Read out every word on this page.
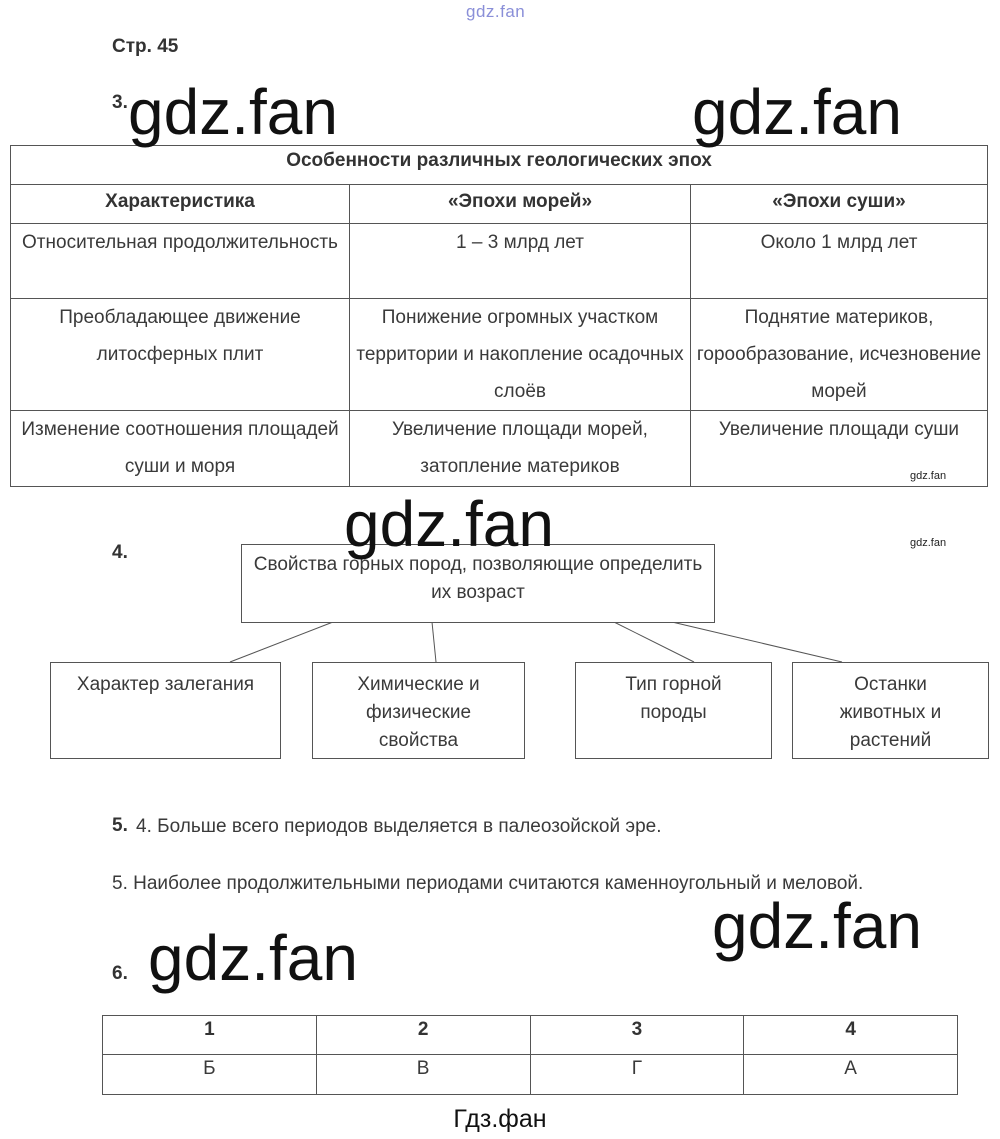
gdz.fan
Стр. 45
3.
Особенности различных геологических эпох		
Характеристика	«Эпохи морей»	«Эпохи суши»
Относительная продолжительность	1 – 3 млрд лет	Около 1 млрд лет
Преобладающее движение литосферных плит	Понижение огромных участком территории и накопление осадочных слоёв	Поднятие материков, горообразование, исчезновение морей
Изменение соотношения площадей суши и моря	Увеличение площади морей, затопление материков	Увеличение площади суши
gdz.fan
gdz.fan
4.
Свойства горных пород, позволяющие определить их возраст
Характер залегания	Химические и физические свойства
Тип горной породы
Останки животных и растений
5. 4. Больше всего периодов выделяется в палеозойской эре.
5. Наиболее продолжительными периодами считаются каменноугольный и меловой.
6.
1	2	3	4
Б	В	Г	А
gdz.fan	gdz.fan
gdz.fan
gdz.fan
gdz.fan
Гдз.фан
